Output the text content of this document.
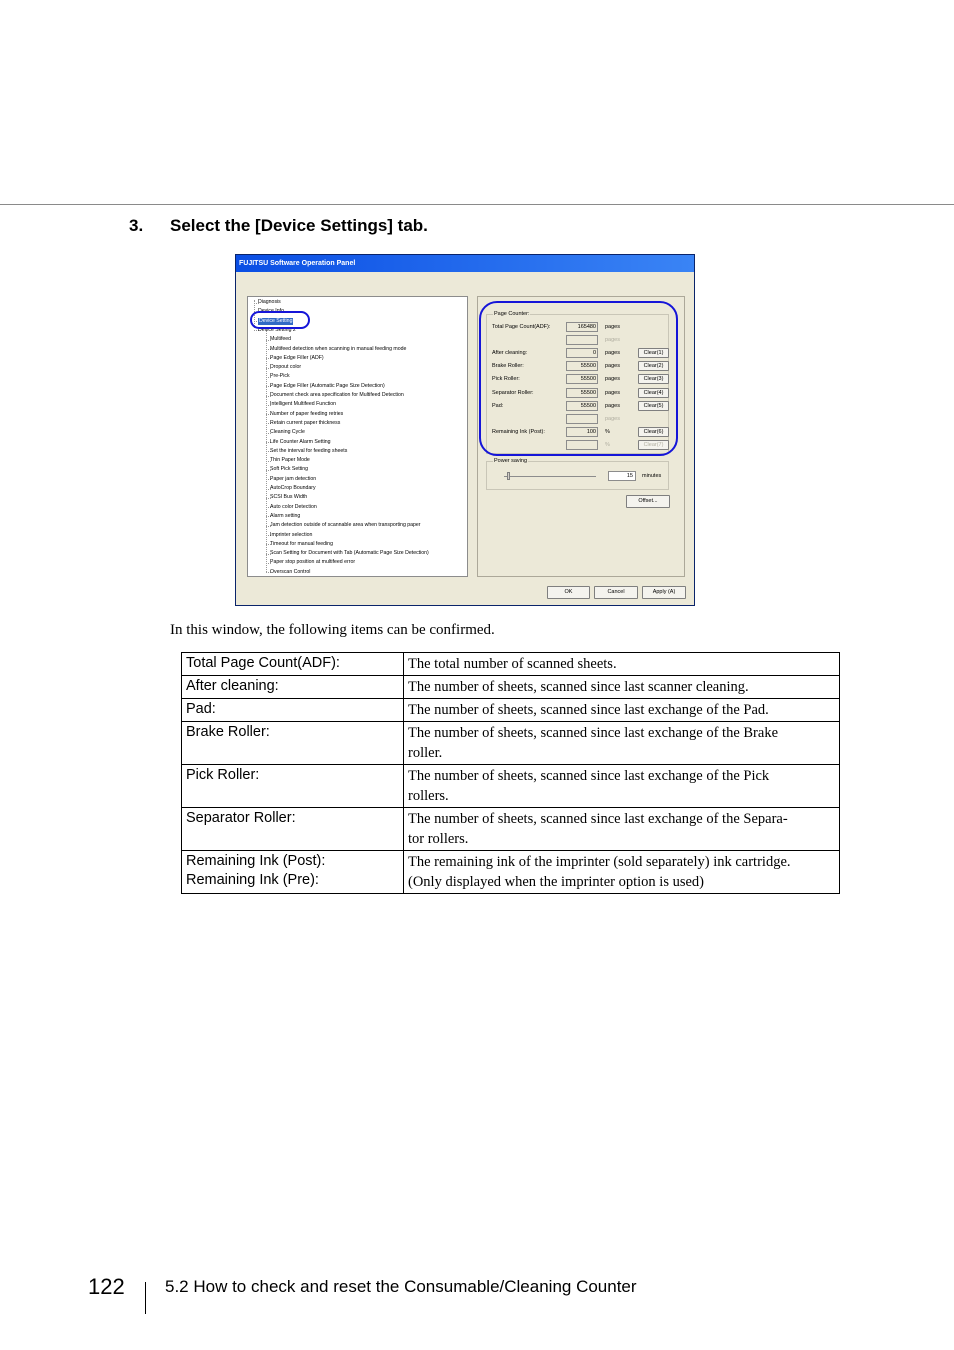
3. Select the [Device Settings] tab.
FUJITSU Software Operation Panel
Diagnosis
Device Info
Device Setting
Device Setting 2
Multifeed
Multifeed detection when scanning in manual feeding mode
Page Edge Filler (ADF)
Dropout color
Pre-Pick
Page Edge Filler (Automatic Page Size Detection)
Document check area specification for Multifeed Detection
Intelligent Multifeed Function
Number of paper feeding retries
Retain current paper thickness
Cleaning Cycle
Life Counter Alarm Setting
Set the interval for feeding sheets
Thin Paper Mode
Soft Pick Setting
Paper jam detection
AutoCrop Boundary
SCSI Bus Width
Auto color Detection
Alarm setting
Jam detection outside of scannable area when transporting paper
Imprinter selection
Timeout for manual feeding
Scan Setting for Document with Tab (Automatic Page Size Detection)
Paper stop position at multifeed error
Overscan Control
Page Counter:
Total Page Count(ADF):	165480	pages
pages
After cleaning:	0	pages	Clear(1)
Brake Roller:	55500	pages	Clear(2)
Pick Roller:	55500	pages	Clear(3)
Separator Roller:	55500	pages	Clear(4)
Pad:	55500	pages	Clear(5)
pages
Remaining Ink (Post):	100	%	Clear(6)
%	Clear(7)
Power saving
15	minutes
Offset...
OK	Cancel	Apply (A)
In this window, the following items can be confirmed.
Total Page Count(ADF):	The total number of scanned sheets.

After cleaning:	The number of sheets, scanned since last scanner cleaning.

Pad:	The number of sheets, scanned since last exchange of the Pad.

Brake Roller:	The number of sheets, scanned since last exchange of the Brake
roller.

Pick Roller:	The number of sheets, scanned since last exchange of the Pick
rollers.

Separator Roller:	The number of sheets, scanned since last exchange of the Separa-
tor rollers.

Remaining Ink (Post):
Remaining Ink (Pre):	The remaining ink of the imprinter (sold separately) ink cartridge.
(Only displayed when the imprinter option is used)
122 5.2 How to check and reset the Consumable/Cleaning Counter
